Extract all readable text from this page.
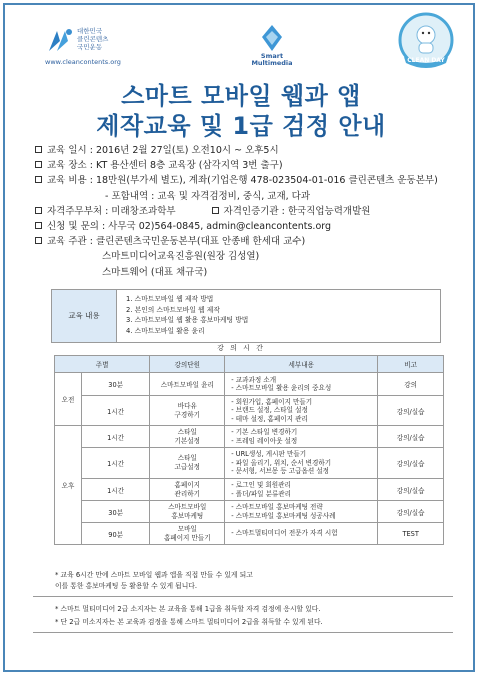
대한민국
클린콘텐츠
국민운동
www.cleancontents.org
Smart
Multimedia	CLEAN DAY
스마트 모바일 웹과 앱
제작교육 및 1급 검정 안내
교육 일시 : 2016년 2월 27일(토) 오전10시 ~ 오후5시
교육 장소 : KT 용산센터 8층 교육장 (삼각지역 3번 출구)
교육 비용 : 18만원(부가세 별도), 계좌(기업은행 478-023504-01-016 클린콘텐츠 운동본부)
- 포함내역 : 교육 및 자격검정비, 중식, 교재, 다과
자격주무부처 : 미래창조과학부	자격인증기관 : 한국직업능력개발원
신청 및 문의 : 사무국 02)564-0845, admin@cleancontents.org
교육 주관 : 클린콘텐츠국민운동본부(대표 안종배 한세대 교수)
스마트미디어교육진흥원(원장 김성열)
스마트웨어 (대표 채규국)
교육 내용
1. 스마트모바일 웹 제작 방법
2. 본인의 스마트모바일 웹 제작
3. 스마트모바일 웹 활용 홍보마케팅 방법
4. 스마트모바일 활용 윤리
강 의 시 간
주별		강의단원	세부내용	비고
오전	30분	스마트모바일 윤리	- 교과과정 소개
- 스마트모바일 활용 윤리의 중요성	강의
	1시간	바다유
구경하기	- 회원가입, 홈페이지 만들기
- 브랜드 설정, 스타일 설정
- 테마 설정, 홈페이지 관리	강의/실습
오후	1시간	스타일
기본설정	- 기본 스타일 변경하기
- 프레임 레이아웃 설정	강의/실습
	1시간	스타일
고급설정	- URL생성, 게시판 만들기
- 파일 올리기, 위치, 순서 변경하기
- 문서형, 서브몽 등 고급옵션 설정	강의/실습
	1시간	홈페이지
관리하기	- 로그인 및 회원관리
- 폴더/파일 분류관리	강의/실습
	30분	스마트모바일
홍보마케팅	- 스마트모바일 홍보마케팅 전략
- 스마트모바일 홍보마케팅 성공사례	강의/실습
	90분	모바일
홈페이지 만들기	- 스마트멀티미디어 전문가 자격 시험	TEST
* 교육 6시간 만에 스마트 모바일 웹과 앱을 직접 만들 수 있게 되고
이를 통한 홍보마케팅 등 활용할 수 있게 됩니다.
* 스마트 멀티미디어 2급 소지자는 본 교육을 통해 1급을 취득할 자격 검정에 응시할 있다.
* 단 2급 미소지자는 본 교육과 검정을 통해 스마트 멀티미디어 2급을 취득할 수 있게 된다.
